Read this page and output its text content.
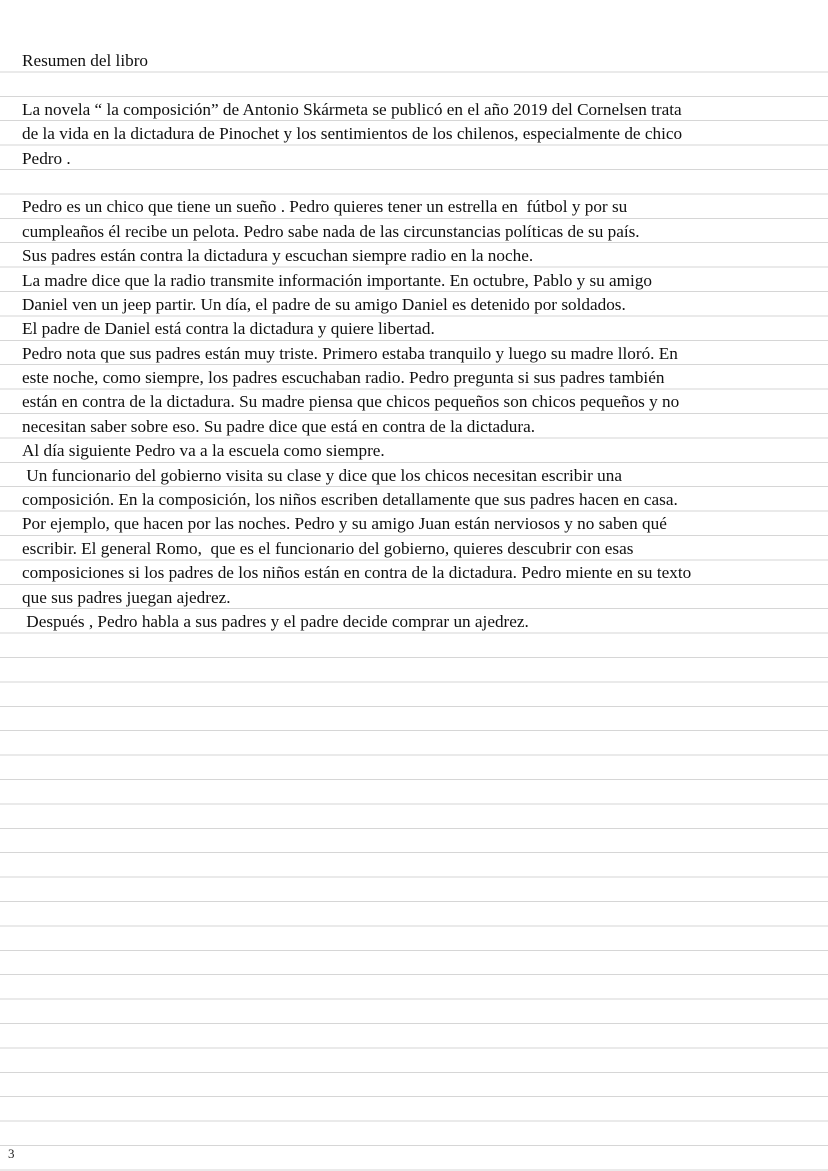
Resumen del libro
La novela “ la composición” de Antonio Skármeta se publicó en el año 2019 del Cornelsen trata
de la vida en la dictadura de Pinochet y los sentimientos de los chilenos, especialmente de chico
Pedro .
Pedro es un chico que tiene un sueño . Pedro quieres tener un estrella en  fútbol y por su
cumpleaños él recibe un pelota. Pedro sabe nada de las circunstancias políticas de su país.
Sus padres están contra la dictadura y escuchan siempre radio en la noche.
La madre dice que la radio transmite información importante. En octubre, Pablo y su amigo
Daniel ven un jeep partir. Un día, el padre de su amigo Daniel es detenido por soldados.
El padre de Daniel está contra la dictadura y quiere libertad.
Pedro nota que sus padres están muy triste. Primero estaba tranquilo y luego su madre lloró. En
este noche, como siempre, los padres escuchaban radio. Pedro pregunta si sus padres también
están en contra de la dictadura. Su madre piensa que chicos pequeños son chicos pequeños y no
necesitan saber sobre eso. Su padre dice que está en contra de la dictadura.
Al día siguiente Pedro va a la escuela como siempre.
Un funcionario del gobierno visita su clase y dice que los chicos necesitan escribir una
composición. En la composición, los niños escriben detallamente que sus padres hacen en casa.
Por ejemplo, que hacen por las noches. Pedro y su amigo Juan están nerviosos y no saben qué
escribir. El general Romo,  que es el funcionario del gobierno, quieres descubrir con esas
composiciones si los padres de los niños están en contra de la dictadura. Pedro miente en su texto
que sus padres juegan ajedrez.
Después , Pedro habla a sus padres y el padre decide comprar un ajedrez.
3
